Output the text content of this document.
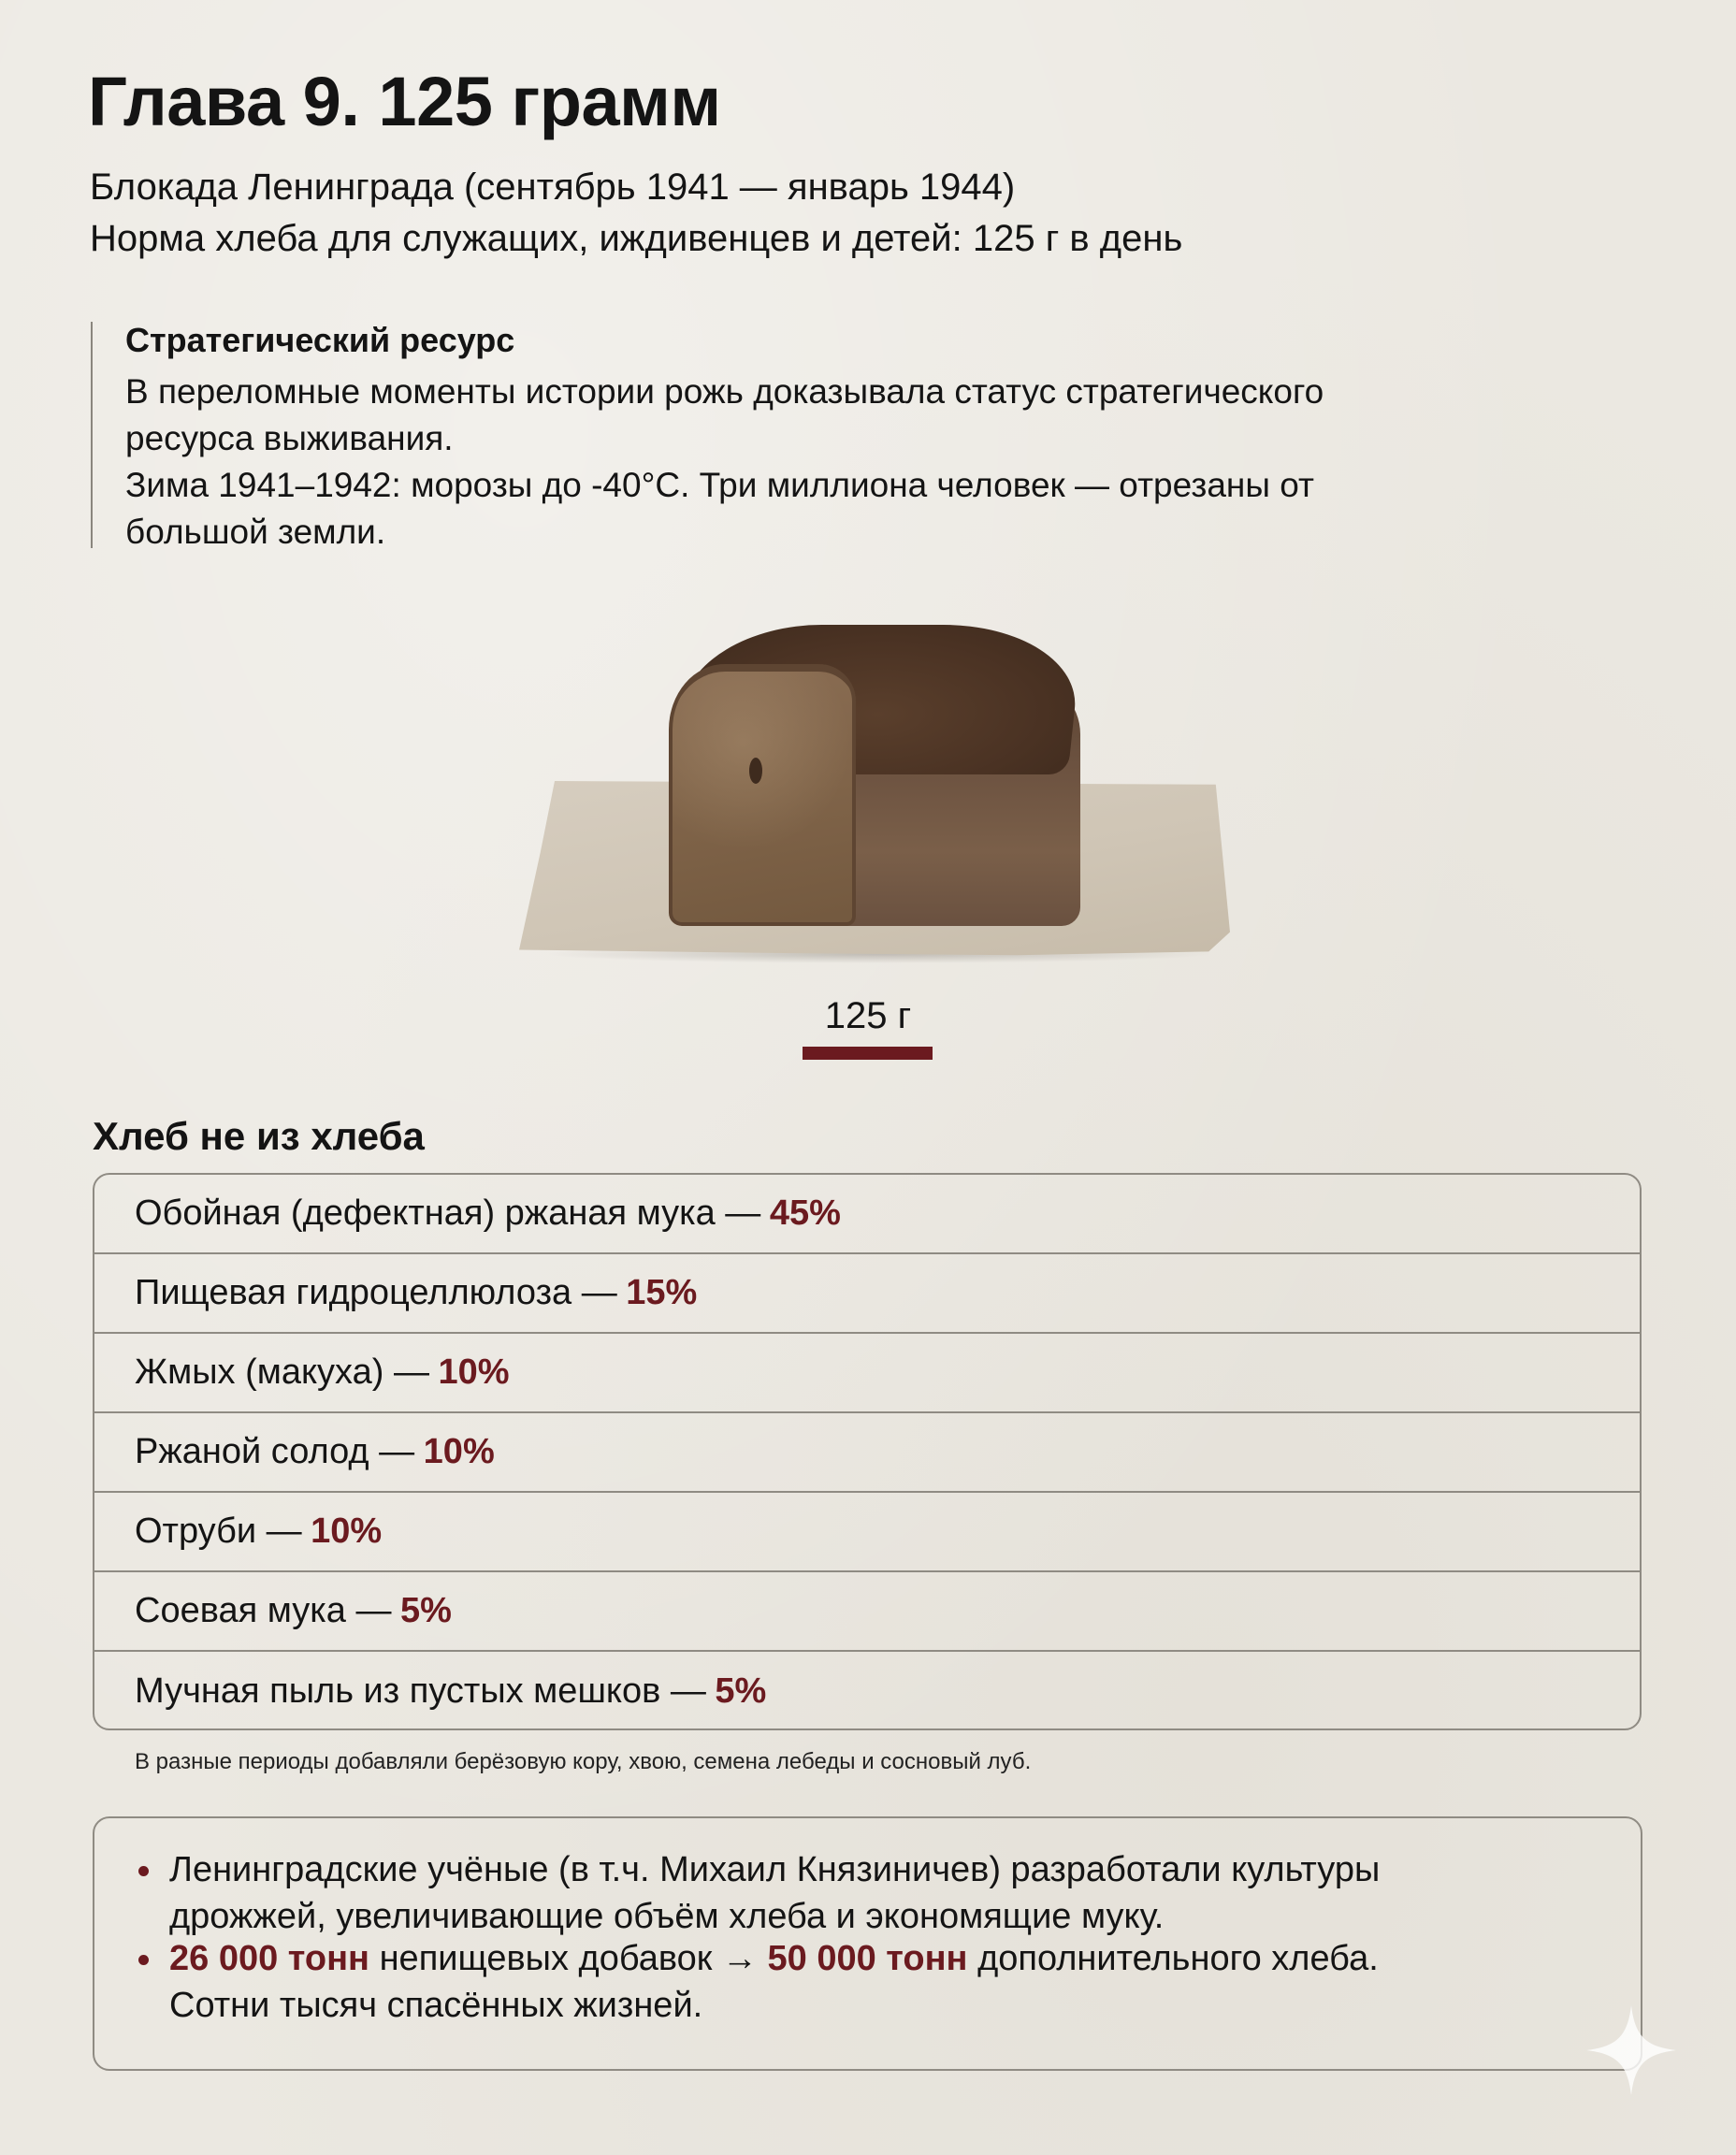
Глава 9. 125 грамм
Блокада Ленинграда (сентябрь 1941 — январь 1944)
Норма хлеба для служащих, иждивенцев и детей: 125 г в день
Стратегический ресурс
В переломные моменты истории рожь доказывала статус стратегического
ресурса выживания.
Зима 1941–1942: морозы до -40°C. Три миллиона человек — отрезаны от
большой земли.
125 г
Хлеб не из хлеба
Обойная (дефектная) ржаная мука — 45%
Пищевая гидроцеллюлоза — 15%
Жмых (макуха) — 10%
Ржаной солод — 10%
Отруби — 10%
Соевая мука — 5%
Мучная пыль из пустых мешков — 5%
В разные периоды добавляли берёзовую кору, хвою, семена лебеды и сосновый луб.
Ленинградские учёные (в т.ч. Михаил Князиничев) разработали культуры
дрожжей, увеличивающие объём хлеба и экономящие муку.
26 000 тонн непищевых добавок → 50 000 тонн дополнительного хлеба.
Сотни тысяч спасённых жизней.
